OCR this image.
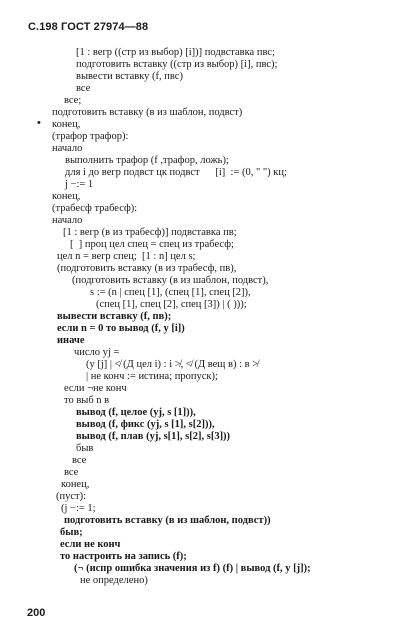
С.198 ГОСТ 27974—88
•
[1 : вегр ((стр из выбор) [i])] подвставка пвс;
подготовить вставку ((стр из выбор) [i], пвс);
вывести вставку (f, пвс)
все
все;
подготовить вставку (в из шаблон, подвст)
конец,
(трафор трафор):
начало
выполнить трафор (f ,трафор, ложь);
для i до вегр подвст цк подвст      [i]  := (0, " ") кц;
j −:= 1
конец,
(трабесф трабесф):
начало
[1 : вегр (в из трабесф)] подвставка пв;
[  ] проц цел спец = спец из трабесф;
цел n = вегр спец;  [1 : n] цел s;
(подготовить вставку (в из трабесф, пв),
(подготовить вставку (в из шаблон, подвст),
s := (n | спец [1], (спец [1], спец [2]),
(спец [1], спец [2], спец [3]) | ( )));
вывести вставку (f, пв);
если n = 0 то вывод (f, у [i])
иначе
число уj =
(у [j] | ≮ (Д цел i) : i ≯, ≮ (Д вещ в) : в ≯
| не конч := истина; пропуск);
если ¬не конч
то выб n в
вывод (f, целое (уj, s [1])),
вывод (f, фикс (уj, s [1], s[2])),
вывод (f, плав (уj, s[1], s[2], s[3]))
быв
все
все
конец,
(пуст):
(j −:= 1;
подготовить вставку (в из шаблон, подвст))
быв;
если не конч
то настроить на запись (f);
(¬ (испр ошибка значения из f) (f) | вывод (f, у [j]);
не определено)
200
